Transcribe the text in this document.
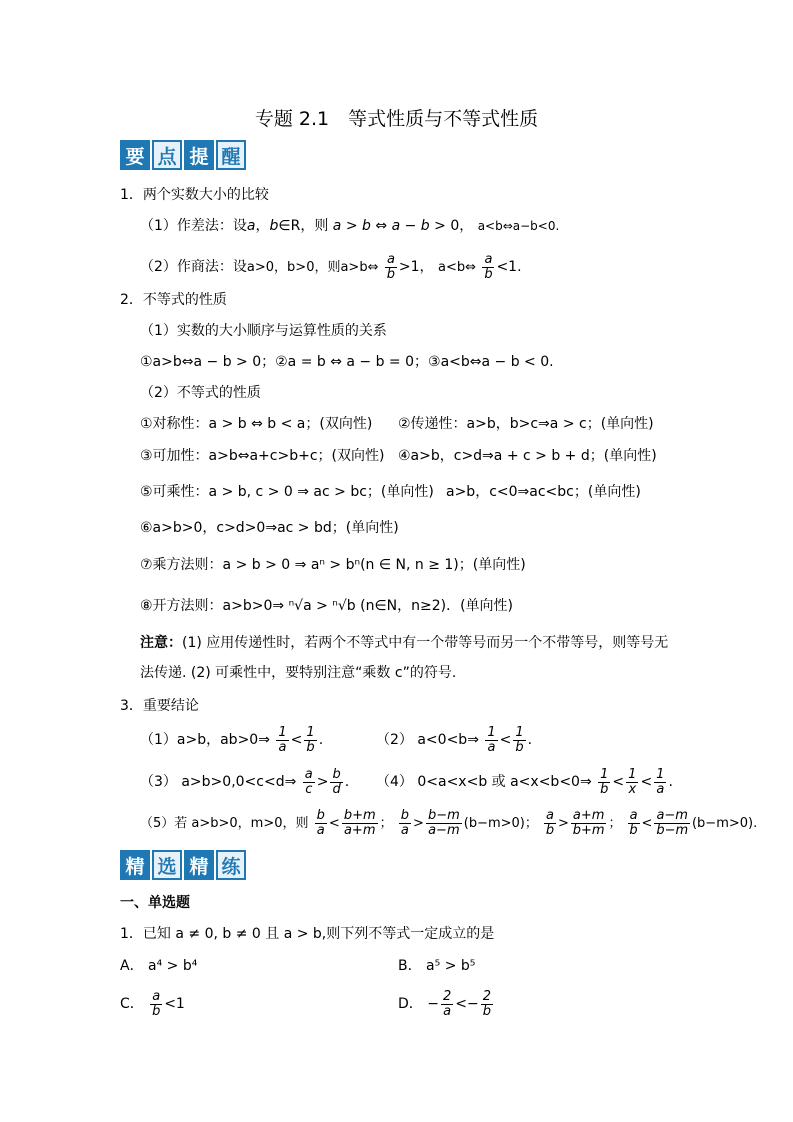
专题 2.1　等式性质与不等式性质
要 点 提 醒
1．两个实数大小的比较
（1）作差法：设a，b∈R，则 a > b ⇔ a − b > 0， a<b⇔a−b<0.
（2）作商法：设a>0，b>0，则a>b⇔ $\frac{a}{b} >1$， a<b⇔ $\frac{a}{b} <1$.
2．不等式的性质
（1）实数的大小顺序与运算性质的关系
①a>b⇔a − b > 0；②a = b ⇔ a − b = 0；③a<b⇔a − b < 0.
（2）不等式的性质
①对称性：a > b ⇔ b < a；(双向性) ②传递性：a>b，b>c⇒a > c；(单向性)
③可加性：a>b⇔a+c>b+c；(双向性) ④a>b，c>d⇒a + c > b + d；(单向性)
⑤可乘性：a > b, c > 0 ⇒ ac > bc；(单向性) a>b，c<0⇒ac<bc；(单向性)
⑥a>b>0，c>d>0⇒ac > bd；(单向性)
⑦乘方法则：a > b > 0 ⇒ aⁿ > bⁿ(n ∈ N, n ≥ 1)；(单向性)
⑧开方法则：a>b>0⇒ ⁿ√a > ⁿ√b (n∈N，n≥2)．(单向性)
注意：(1) 应用传递性时，若两个不等式中有一个带等号而另一个不带等号，则等号无
法传递. (2) 可乘性中，要特别注意“乘数 c”的符号.
3．重要结论
（1）a>b，ab>0⇒ $\frac{1}{a} < \frac{1}{b}$ .	（2） a<0<b⇒ $\frac{1}{a} < \frac{1}{b}$ .
（3） a>b>0,0<c<d⇒ $\frac{a}{c} > \frac{b}{d}$ . （4） 0<a<x<b 或 a<x<b<0⇒ $\frac{1}{b} < \frac{1}{x} < \frac{1}{a}$ .
（5）若 a>b>0，m>0，则 $\frac{b}{a} < \frac{b+m}{a+m}$ ； $\frac{b}{a} > \frac{b-m}{a-m} (b-m>0)$； $\frac{a}{b} > \frac{a+m}{b+m}$ ； $\frac{a}{b} < \frac{a-m}{b-m} (b-m>0)$.
精 选 精 练
一、单选题
1．已知 a ≠ 0, b ≠ 0 且 a > b,则下列不等式一定成立的是
A． a⁴ > b⁴	B． a⁵ > b⁵
C． $\frac{a}{b} <1$	D． − $\frac{2}{a} <- \frac{2}{b}$
